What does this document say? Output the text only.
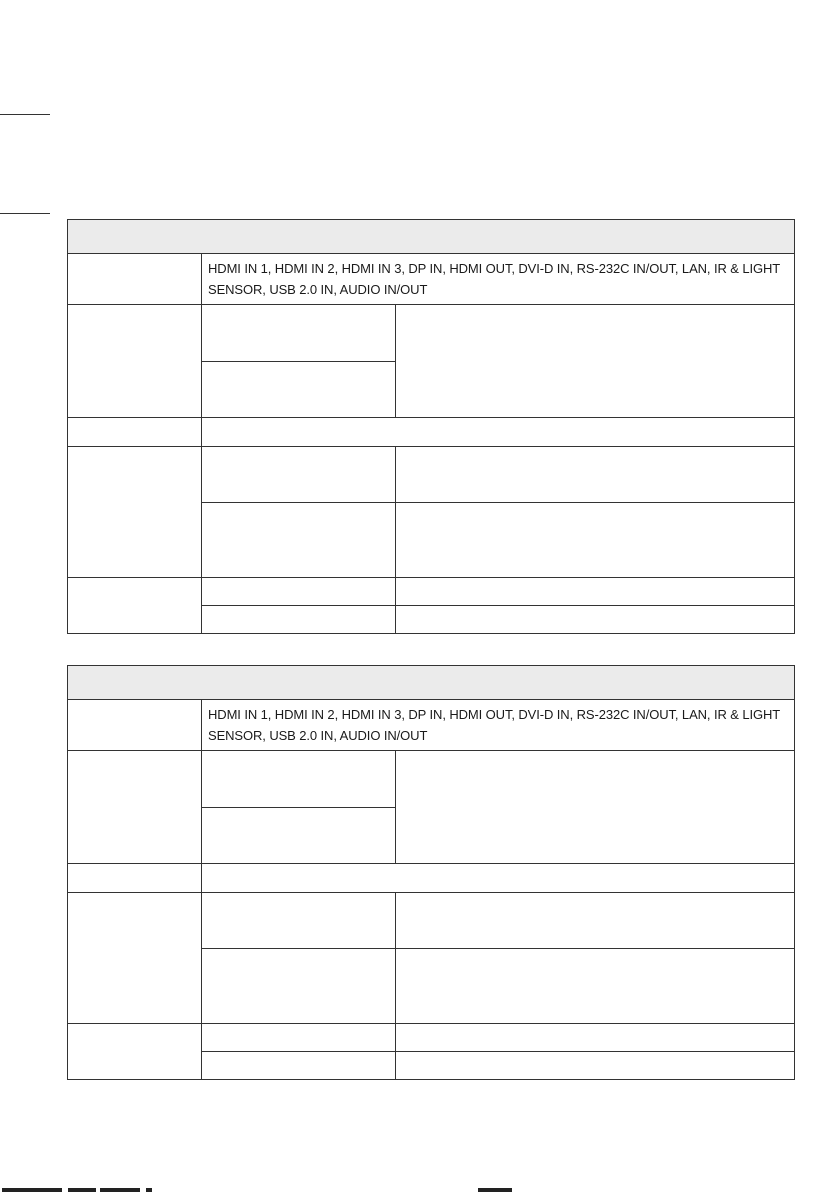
	HDMI IN 1, HDMI IN 2, HDMI IN 3, DP IN, HDMI OUT, DVI-D IN, RS-232C IN/OUT, LAN, IR & LIGHT SENSOR, USB 2.0 IN, AUDIO IN/OUT	

	HDMI IN 1, HDMI IN 2, HDMI IN 3, DP IN, HDMI OUT, DVI-D IN, RS-232C IN/OUT, LAN, IR & LIGHT SENSOR, USB 2.0 IN, AUDIO IN/OUT	
